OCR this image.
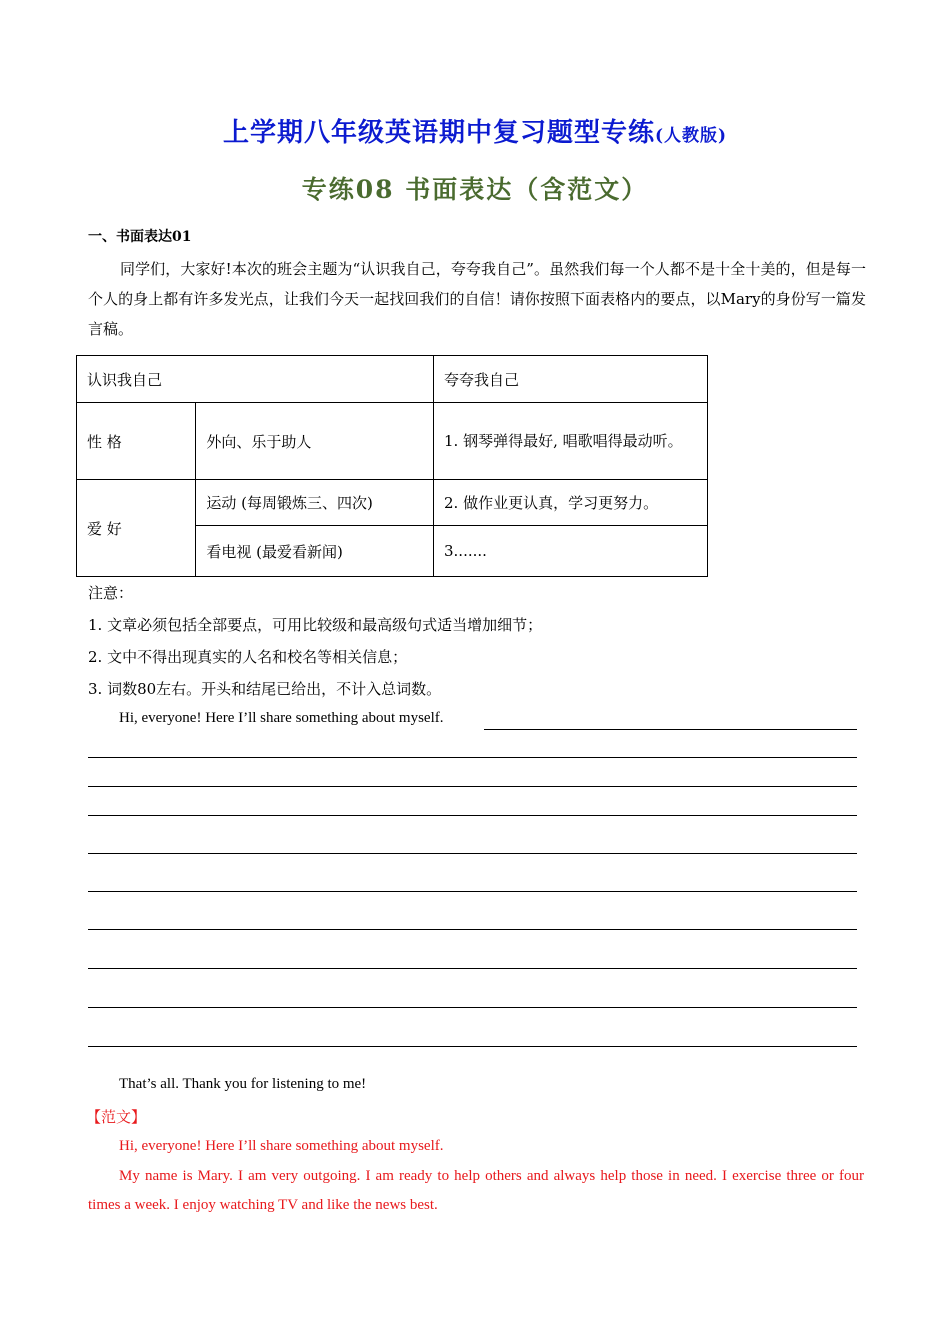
上学期八年级英语期中复习题型专练(人教版)
专练08 书面表达（含范文）
一、书面表达01
同学们，大家好!本次的班会主题为“认识我自己，夸夸我自己”。虽然我们每一个人都不是十全十美的，但是每一个人的身上都有许多发光点，让我们今天一起找回我们的自信！请你按照下面表格内的要点，以Mary的身份写一篇发言稿。
认识我自己		夸夸我自己
性 格	外向、乐于助人	1. 钢琴弹得最好, 唱歌唱得最动听。
爱 好	运动 (每周锻炼三、四次)	2. 做作业更认真，学习更努力。
	看电视 (最爱看新闻)	3.......
注意：
1. 文章必须包括全部要点，可用比较级和最高级句式适当增加细节；
2. 文中不得出现真实的人名和校名等相关信息；
3. 词数80左右。开头和结尾已给出，不计入总词数。
Hi, everyone! Here I’ll share something about myself.
That’s all. Thank you for listening to me!
【范文】
Hi, everyone! Here I’ll share something about myself.
My name is Mary. I am very outgoing. I am ready to help others and always help those in need. I exercise three or four times a week. I enjoy watching TV and like the news best.
